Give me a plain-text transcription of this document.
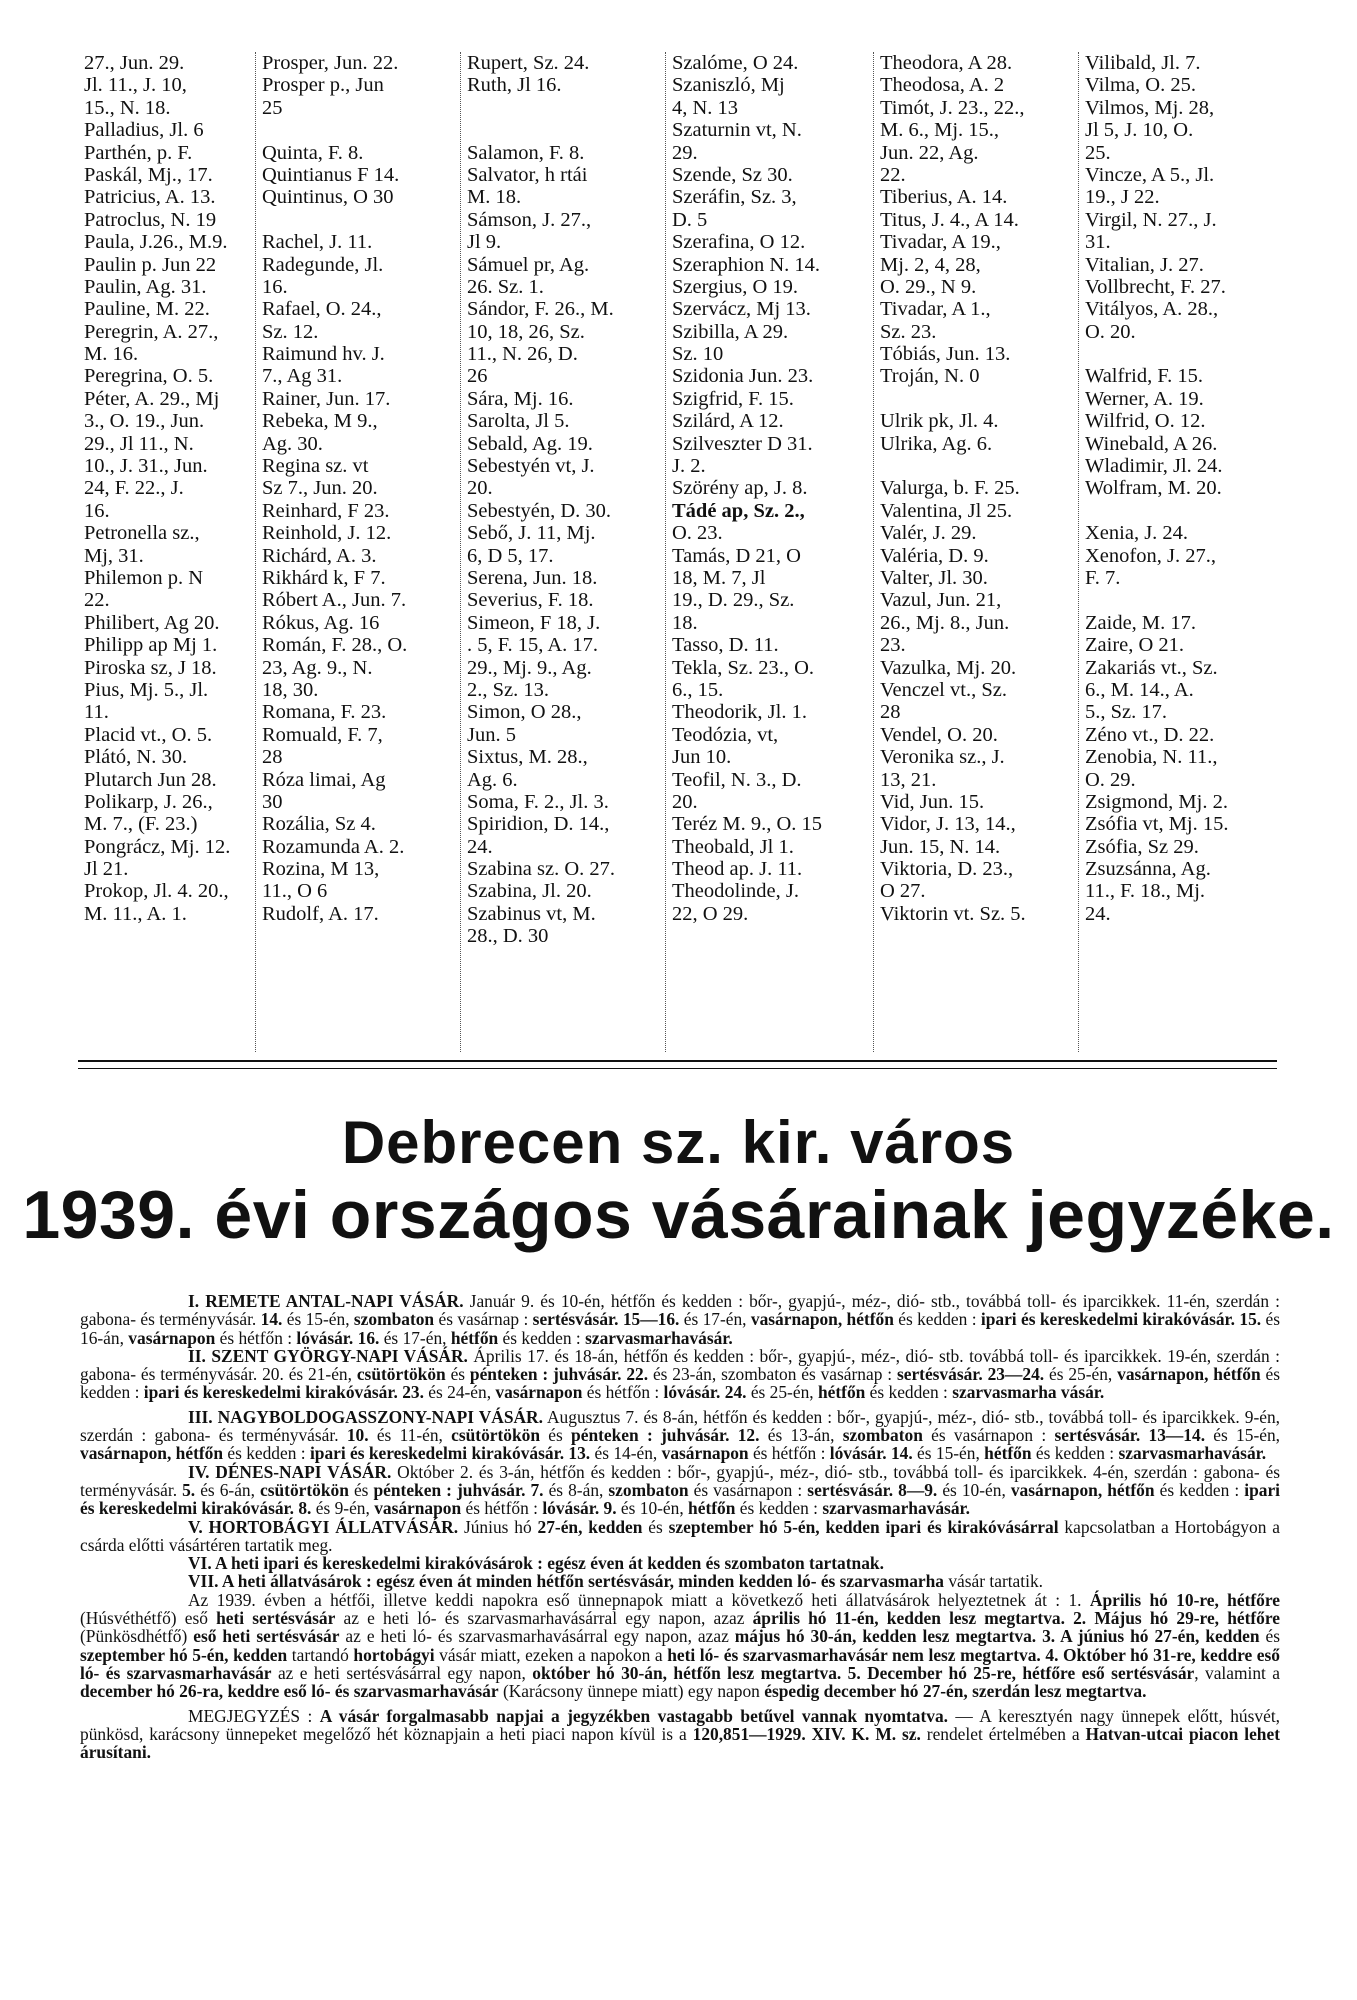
27., Jun. 29.
Jl. 11., J. 10,
15., N. 18.
Palladius, Jl. 6
Parthén, p. F.
Paskál, Mj., 17.
Patricius, A. 13.
Patroclus, N. 19
Paula, J.26., M.9.
Paulin p. Jun 22
Paulin, Ag. 31.
Pauline, M. 22.
Peregrin, A. 27.,
M. 16.
Peregrina, O. 5.
Péter, A. 29., Mj
3., O. 19., Jun.
29., Jl 11., N.
10., J. 31., Jun.
24, F. 22., J.
16.
Petronella sz.,
Mj, 31.
Philemon p. N
22.
Philibert, Ag 20.
Philipp ap Mj 1.
Piroska sz, J 18.
Pius, Mj. 5., Jl.
11.
Placid vt., O. 5.
Plátó, N. 30.
Plutarch Jun 28.
Polikarp, J. 26.,
M. 7., (F. 23.)
Pongrácz, Mj. 12.
Jl 21.
Prokop, Jl. 4. 20.,
M. 11., A. 1.
Prosper, Jun. 22.
Prosper p., Jun
25
Quinta, F. 8.
Quintianus F 14.
Quintinus, O 30
Rachel, J. 11.
Radegunde, Jl.
16.
Rafael, O. 24.,
Sz. 12.
Raimund hv. J.
7., Ag 31.
Rainer, Jun. 17.
Rebeka, M 9.,
Ag. 30.
Regina sz. vt
Sz 7., Jun. 20.
Reinhard, F 23.
Reinhold, J. 12.
Richárd, A. 3.
Rikhárd k, F 7.
Róbert A., Jun. 7.
Rókus, Ag. 16
Román, F. 28., O.
23, Ag. 9., N.
18, 30.
Romana, F. 23.
Romuald, F. 7,
28
Róza limai, Ag
30
Rozália, Sz 4.
Rozamunda A. 2.
Rozina, M 13,
11., O 6
Rudolf, A. 17.
Rupert, Sz. 24.
Ruth, Jl 16.
Salamon, F. 8.
Salvator, h rtái
M. 18.
Sámson, J. 27.,
Jl 9.
Sámuel pr, Ag.
26. Sz. 1.
Sándor, F. 26., M.
10, 18, 26, Sz.
11., N. 26, D.
26
Sára, Mj. 16.
Sarolta, Jl 5.
Sebald, Ag. 19.
Sebestyén vt, J.
20.
Sebestyén, D. 30.
Sebő, J. 11, Mj.
6, D 5, 17.
Serena, Jun. 18.
Severius, F. 18.
Simeon, F 18, J.
. 5, F. 15, A. 17.
29., Mj. 9., Ag.
2., Sz. 13.
Simon, O 28.,
Jun. 5
Sixtus, M. 28.,
Ag. 6.
Soma, F. 2., Jl. 3.
Spiridion, D. 14.,
24.
Szabina sz. O. 27.
Szabina, Jl. 20.
Szabinus vt, M.
28., D. 30
Szalóme, O 24.
Szaniszló, Mj
4, N. 13
Szaturnin vt, N.
29.
Szende, Sz 30.
Szeráfin, Sz. 3,
D. 5
Szerafina, O 12.
Szeraphion N. 14.
Szergius, O 19.
Szervácz, Mj 13.
Szibilla, A 29.
Sz. 10
Szidonia Jun. 23.
Szigfrid, F. 15.
Szilárd, A 12.
Szilveszter D 31.
J. 2.
Szörény ap, J. 8.
Tádé ap, Sz. 2.,
O. 23.
Tamás, D 21, O
18, M. 7, Jl
19., D. 29., Sz.
18.
Tasso, D. 11.
Tekla, Sz. 23., O.
6., 15.
Theodorik, Jl. 1.
Teodózia, vt,
Jun 10.
Teofil, N. 3., D.
20.
Teréz M. 9., O. 15
Theobald, Jl 1.
Theod ap. J. 11.
Theodolinde, J.
22, O 29.
Theodora, A 28.
Theodosa, A. 2
Timót, J. 23., 22.,
M. 6., Mj. 15.,
Jun. 22, Ag.
22.
Tiberius, A. 14.
Titus, J. 4., A 14.
Tivadar, A 19.,
Mj. 2, 4, 28,
O. 29., N 9.
Tivadar, A 1.,
Sz. 23.
Tóbiás, Jun. 13.
Troján, N. 0
Ulrik pk, Jl. 4.
Ulrika, Ag. 6.
Valurga, b. F. 25.
Valentina, Jl 25.
Valér, J. 29.
Valéria, D. 9.
Valter, Jl. 30.
Vazul, Jun. 21,
26., Mj. 8., Jun.
23.
Vazulka, Mj. 20.
Venczel vt., Sz.
28
Vendel, O. 20.
Veronika sz., J.
13, 21.
Vid, Jun. 15.
Vidor, J. 13, 14.,
Jun. 15, N. 14.
Viktoria, D. 23.,
O 27.
Viktorin vt. Sz. 5.
Vilibald, Jl. 7.
Vilma, O. 25.
Vilmos, Mj. 28,
Jl 5, J. 10, O.
25.
Vincze, A 5., Jl.
19., J 22.
Virgil, N. 27., J.
31.
Vitalian, J. 27.
Vollbrecht, F. 27.
Vitályos, A. 28.,
O. 20.
Walfrid, F. 15.
Werner, A. 19.
Wilfrid, O. 12.
Winebald, A 26.
Wladimir, Jl. 24.
Wolfram, M. 20.
Xenia, J. 24.
Xenofon, J. 27.,
F. 7.
Zaide, M. 17.
Zaire, O 21.
Zakariás vt., Sz.
6., M. 14., A.
5., Sz. 17.
Zéno vt., D. 22.
Zenobia, N. 11.,
O. 29.
Zsigmond, Mj. 2.
Zsófia vt, Mj. 15.
Zsófia, Sz 29.
Zsuzsánna, Ag.
11., F. 18., Mj.
24.
Debrecen sz. kir. város
1939. évi országos vásárainak jegyzéke.

I. REMETE ANTAL-NAPI VÁSÁR. Január 9. és 10-én, hétfőn és kedden : bőr-, gyapjú-, méz-, dió- stb., továbbá toll- és iparcikkek. 11-én, szerdán : gabona- és terményvásár. 14. és 15-én, szombaton és vasárnap : sertésvásár. 15—16. és 17-én, vasárnapon, hétfőn és kedden : ipari és kereskedelmi kirakóvásár. 15. és 16-án, vasárnapon és hétfőn : lóvásár. 16. és 17-én, hétfőn és kedden : szarvasmarhavásár.

II. SZENT GYÖRGY-NAPI VÁSÁR. Április 17. és 18-án, hétfőn és kedden : bőr-, gyapjú-, méz-, dió- stb. továbbá toll- és iparcikkek. 19-én, szerdán : gabona- és terményvásár. 20. és 21-én, csütörtökön és pénteken : juhvásár. 22. és 23-án, szombaton és vasárnap : sertésvásár. 23—24. és 25-én, vasárnapon, hétfőn és kedden : ipari és kereskedelmi kirakóvásár. 23. és 24-én, vasárnapon és hétfőn : lóvásár. 24. és 25-én, hétfőn és kedden : szarvasmarha vásár.

III. NAGYBOLDOGASSZONY-NAPI VÁSÁR. Augusztus 7. és 8-án, hétfőn és kedden : bőr-, gyapjú-, méz-, dió- stb., továbbá toll- és iparcikkek. 9-én, szerdán : gabona- és terményvásár. 10. és 11-én, csütörtökön és pénteken : juhvásár. 12. és 13-án, szombaton és vasárnapon : sertésvásár. 13—14. és 15-én, vasárnapon, hétfőn és kedden : ipari és kereskedelmi kirakóvásár. 13. és 14-én, vasárnapon és hétfőn : lóvásár. 14. és 15-én, hétfőn és kedden : szarvasmarhavásár.

IV. DÉNES-NAPI VÁSÁR. Október 2. és 3-án, hétfőn és kedden : bőr-, gyapjú-, méz-, dió- stb., továbbá toll- és iparcikkek. 4-én, szerdán : gabona- és terményvásár. 5. és 6-án, csütörtökön és pénteken : juhvásár. 7. és 8-án, szombaton és vasárnapon : sertésvásár. 8—9. és 10-én, vasárnapon, hétfőn és kedden : ipari és kereskedelmi kirakóvásár. 8. és 9-én, vasárnapon és hétfőn : lóvásár. 9. és 10-én, hétfőn és kedden : szarvasmarhavásár.

V. HORTOBÁGYI ÁLLATVÁSÁR. Június hó 27-én, kedden és szeptember hó 5-én, kedden ipari és kirakóvásárral kapcsolatban a Hortobágyon a csárda előtti vásártéren tartatik meg.

VI. A heti ipari és kereskedelmi kirakóvásárok : egész éven át kedden és szombaton tartatnak.

VII. A heti állatvásárok : egész éven át minden hétfőn sertésvásár, minden kedden ló- és szarvasmarha vásár tartatik.

Az 1939. évben a hétfői, illetve keddi napokra eső ünnepnapok miatt a következő heti állatvásárok helyeztetnek át : 1. Április hó 10-re, hétfőre (Húsvéthétfő) eső heti sertésvásár az e heti ló- és szarvasmarhavásárral egy napon, azaz április hó 11-én, kedden lesz megtartva. 2. Május hó 29-re, hétfőre (Pünkösdhétfő) eső heti sertésvásár az e heti ló- és szarvasmarhavásárral egy napon, azaz május hó 30-án, kedden lesz megtartva. 3. A június hó 27-én, kedden és szeptember hó 5-én, kedden tartandó hortobágyi vásár miatt, ezeken a napokon a heti ló- és szarvasmarhavásár nem lesz megtartva. 4. Október hó 31-re, keddre eső ló- és szarvasmarhavásár az e heti sertésvásárral egy napon, október hó 30-án, hétfőn lesz megtartva. 5. December hó 25-re, hétfőre eső sertésvásár, valamint a december hó 26-ra, keddre eső ló- és szarvasmarhavásár (Karácsony ünnepe miatt) egy napon éspedig december hó 27-én, szerdán lesz megtartva.

MEGJEGYZÉS : A vásár forgalmasabb napjai a jegyzékben vastagabb betűvel vannak nyomtatva. — A keresztyén nagy ünnepek előtt, húsvét, pünkösd, karácsony ünnepeket megelőző hét köznapjain a heti piaci napon kívül is a 120,851—1929. XIV. K. M. sz. rendelet értelmében a Hatvan-utcai piacon lehet árusítani.
